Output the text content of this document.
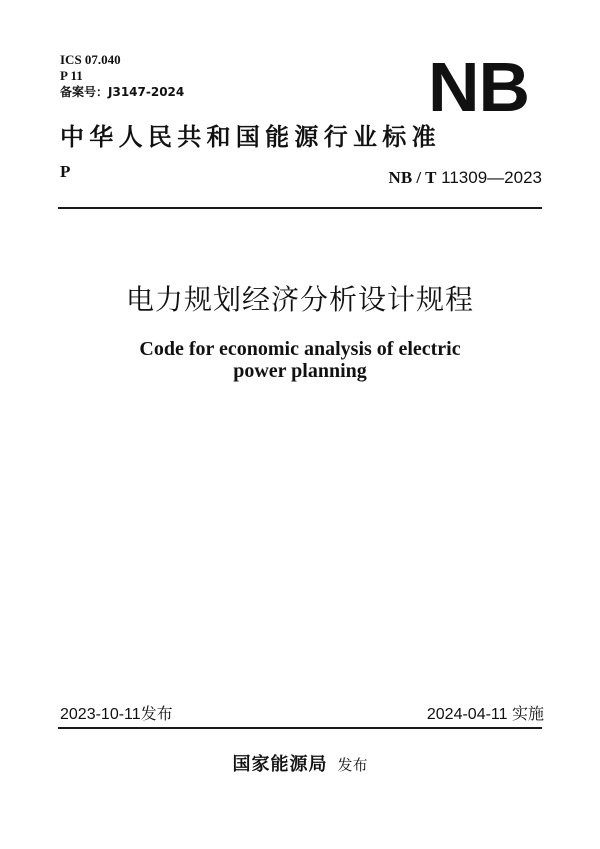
ICS 07.040
P 11
备案号：J3147-2024	NB
中华人民共和国能源行业标准
P	NB / T 11309—2023
电力规划经济分析设计规程
Code for economic analysis of electric
power planning
2023-10-11发布	2024-04-11 实施
国家能源局 发布
